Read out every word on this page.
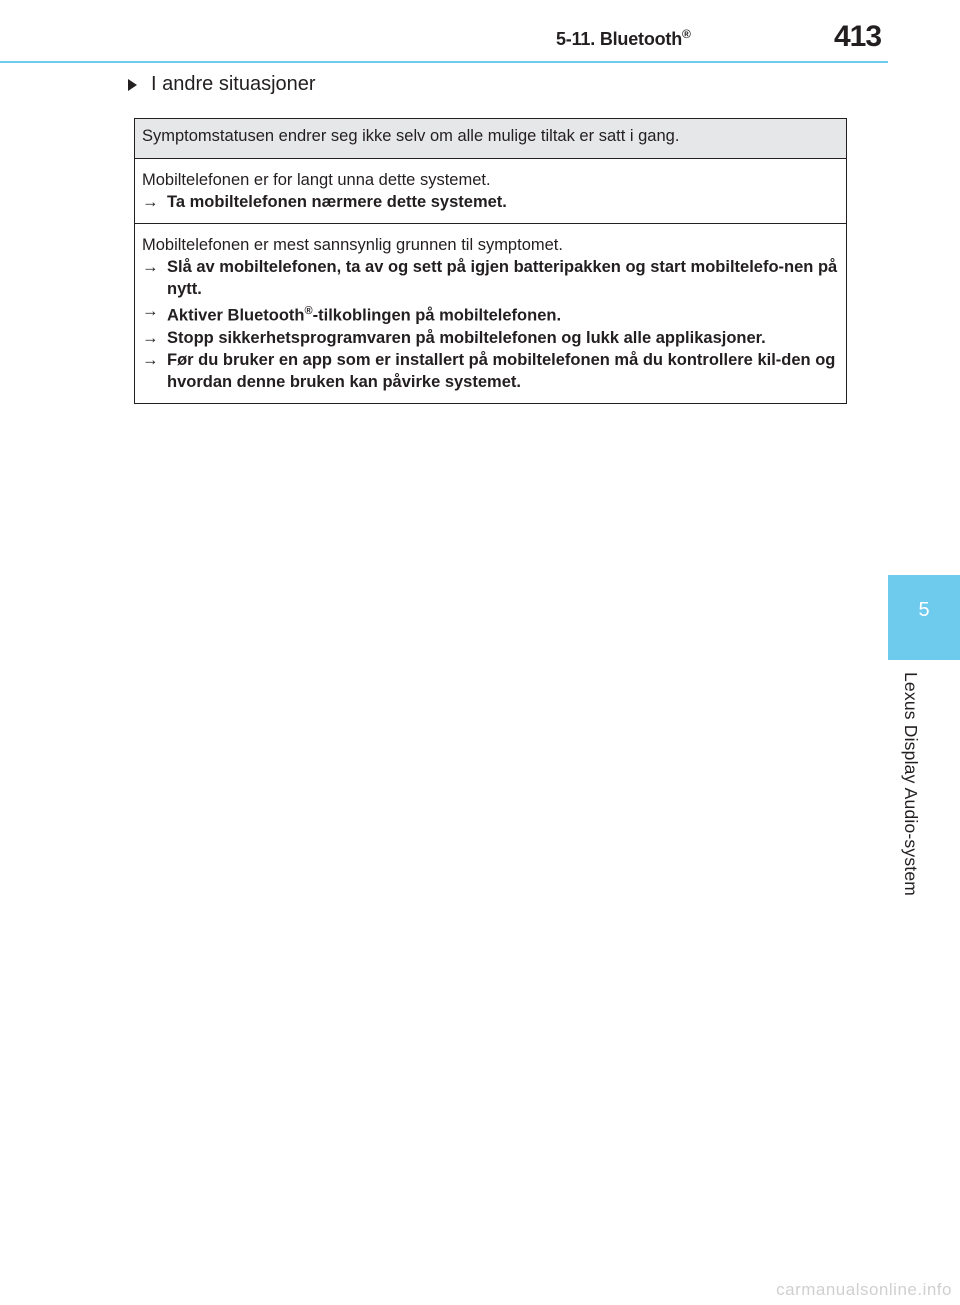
5-11. Bluetooth®	413
I andre situasjoner
Symptomstatusen endrer seg ikke selv om alle mulige tiltak er satt i gang.
Mobiltelefonen er for langt unna dette systemet.
→ Ta mobiltelefonen nærmere dette systemet.
Mobiltelefonen er mest sannsynlig grunnen til symptomet.
→ Slå av mobiltelefonen, ta av og sett på igjen batteripakken og start mobiltelefo-nen på nytt.
→ Aktiver Bluetooth®-tilkoblingen på mobiltelefonen.
→ Stopp sikkerhetsprogramvaren på mobiltelefonen og lukk alle applikasjoner.
→ Før du bruker en app som er installert på mobiltelefonen må du kontrollere kil-den og hvordan denne bruken kan påvirke systemet.
5
Lexus Display Audio-system
carmanualsonline.info
